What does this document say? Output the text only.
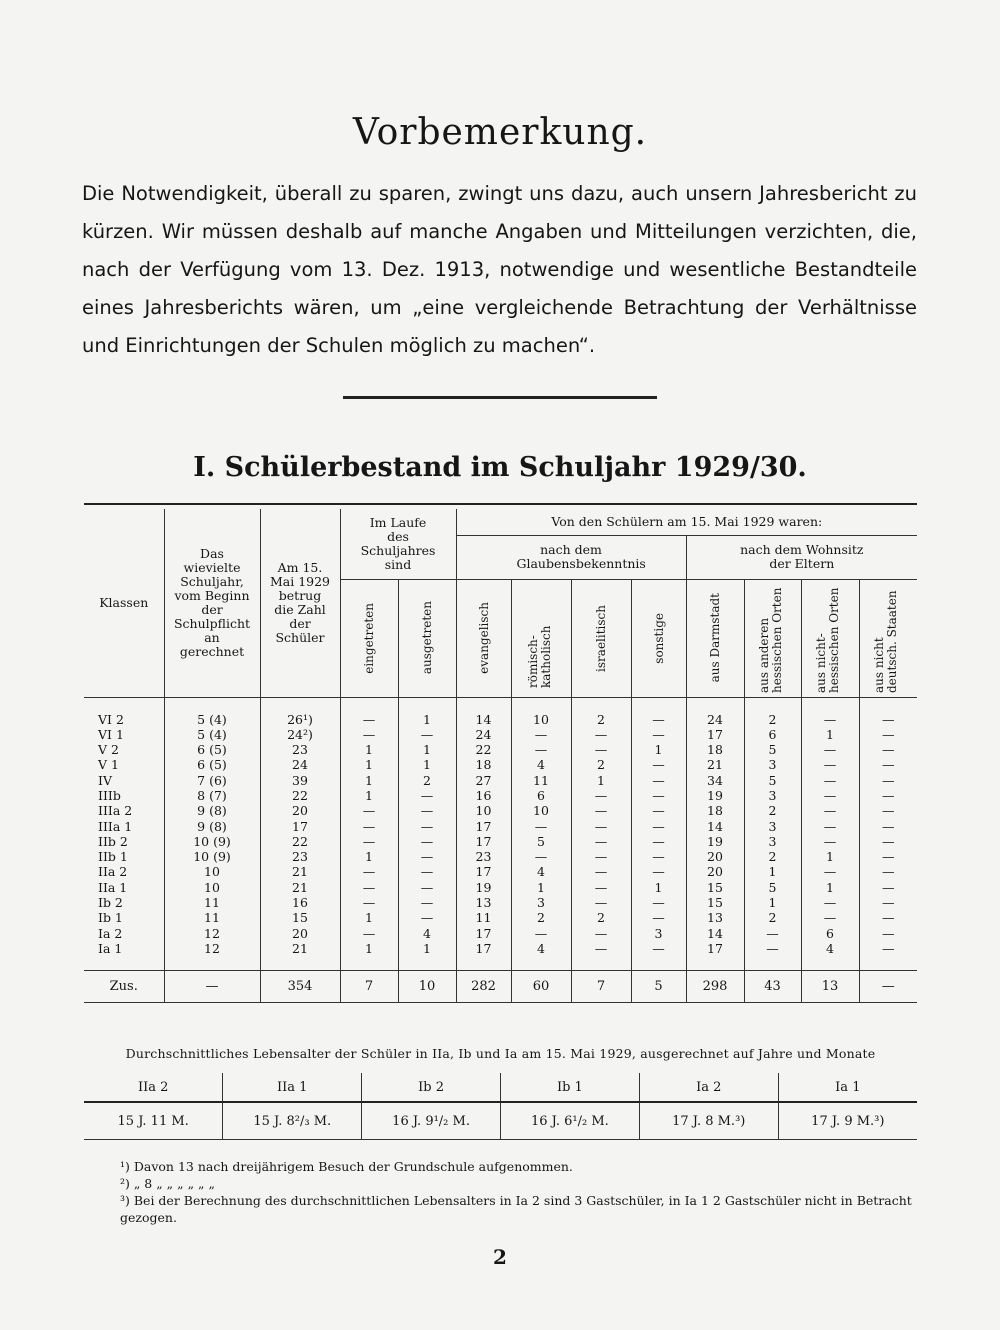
Vorbemerkung.
Die Notwendigkeit, überall zu sparen, zwingt uns dazu, auch unsern Jahresbericht zu kürzen. Wir müssen deshalb auf manche Angaben und Mitteilungen verzichten, die, nach der Verfügung vom 13. Dez. 1913, notwendige und wesentliche Bestandteile eines Jahresberichts wären, um „eine vergleichende Betrachtung der Verhältnisse und Einrichtungen der Schulen möglich zu machen“.
I. Schülerbestand im Schuljahr 1929/30.
Klassen	Das wievielte Schuljahr, vom Beginn der Schulpflicht an gerechnet	Am 15. Mai 1929 betrug die Zahl der Schüler	Im Laufe des Schuljahres sind		Von den Schülern am 15. Mai 1929 waren:							
					nach dem Glaubensbekenntnis				nach dem Wohnsitz der Eltern			

			eingetreten	ausgetreten	evangelisch	römisch-katholisch	israelitisch	sonstige	aus Darmstadt	aus anderen hessischen Orten	aus nicht-hessischen Orten	aus nicht deutsch. Staaten

VI 2	5 (4)	26¹)	—	1	14	10	2	—	24	2	—	—
VI 1	5 (4)	24²)	—	—	24	—	—	—	17	6	1	—
V 2	6 (5)	23	1	1	22	—	—	1	18	5	—	—
V 1	6 (5)	24	1	1	18	4	2	—	21	3	—	—
IV	7 (6)	39	1	2	27	11	1	—	34	5	—	—
IIIb	8 (7)	22	1	—	16	6	—	—	19	3	—	—
IIIa 2	9 (8)	20	—	—	10	10	—	—	18	2	—	—
IIIa 1	9 (8)	17	—	—	17	—	—	—	14	3	—	—
IIb 2	10 (9)	22	—	—	17	5	—	—	19	3	—	—
IIb 1	10 (9)	23	1	—	23	—	—	—	20	2	1	—
IIa 2	10	21	—	—	17	4	—	—	20	1	—	—
IIa 1	10	21	—	—	19	1	—	1	15	5	1	—
Ib 2	11	16	—	—	13	3	—	—	15	1	—	—
Ib 1	11	15	1	—	11	2	2	—	13	2	—	—
Ia 2	12	20	—	4	17	—	—	3	14	—	6	—
Ia 1	12	21	1	1	17	4	—	—	17	—	4	—

Zus.	—	354	7	10	282	60	7	5	298	43	13	—
Durchschnittliches Lebensalter der Schüler in IIa, Ib und Ia am 15. Mai 1929, ausgerechnet auf Jahre und Monate
IIa 2	IIa 1	Ib 2	Ib 1	Ia 2	Ia 1
15 J. 11 M.	15 J. 8²/₃ M.	16 J. 9¹/₂ M.	16 J. 6¹/₂ M.	17 J. 8 M.³)	17 J. 9 M.³)
¹) Davon 13 nach dreijährigem Besuch der Grundschule aufgenommen.
²) „ 8 „ „ „ „ „ „
³) Bei der Berechnung des durchschnittlichen Lebensalters in Ia 2 sind 3 Gastschüler, in Ia 1 2 Gastschüler nicht in Betracht gezogen.
2
